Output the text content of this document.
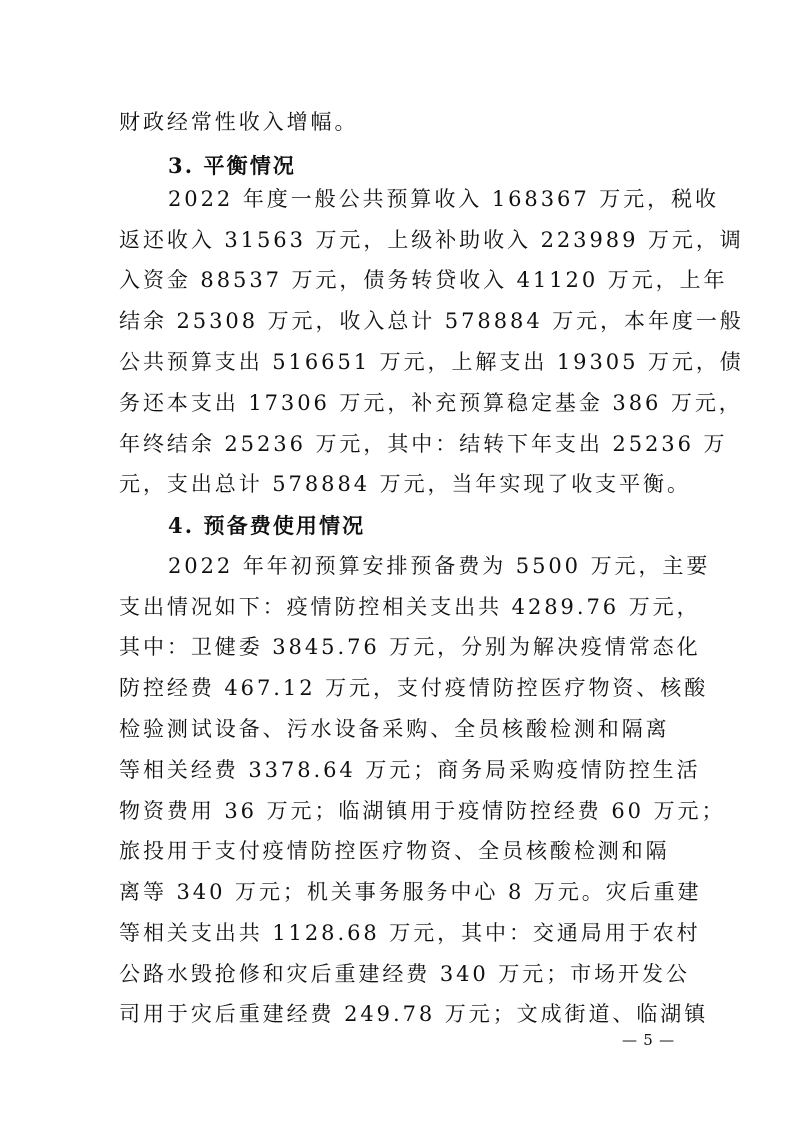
财政经常性收入增幅。
3. 平衡情况
2022 年度一般公共预算收入 168367 万元，税收
返还收入 31563 万元，上级补助收入 223989 万元，调
入资金 88537 万元，债务转贷收入 41120 万元，上年
结余 25308 万元，收入总计 578884 万元，本年度一般
公共预算支出 516651 万元，上解支出 19305 万元，债
务还本支出 17306 万元，补充预算稳定基金 386 万元，
年终结余 25236 万元，其中：结转下年支出 25236 万
元，支出总计 578884 万元，当年实现了收支平衡。
4. 预备费使用情况
2022 年年初预算安排预备费为 5500 万元，主要
支出情况如下：疫情防控相关支出共 4289.76 万元，
其中：卫健委 3845.76 万元，分别为解决疫情常态化
防控经费 467.12 万元，支付疫情防控医疗物资、核酸
检验测试设备、污水设备采购、全员核酸检测和隔离
等相关经费 3378.64 万元；商务局采购疫情防控生活
物资费用 36 万元；临湖镇用于疫情防控经费 60 万元；
旅投用于支付疫情防控医疗物资、全员核酸检测和隔
离等 340 万元；机关事务服务中心 8 万元。灾后重建
等相关支出共 1128.68 万元，其中：交通局用于农村
公路水毁抢修和灾后重建经费 340 万元；市场开发公
司用于灾后重建经费 249.78 万元；文成街道、临湖镇
— 5 —
